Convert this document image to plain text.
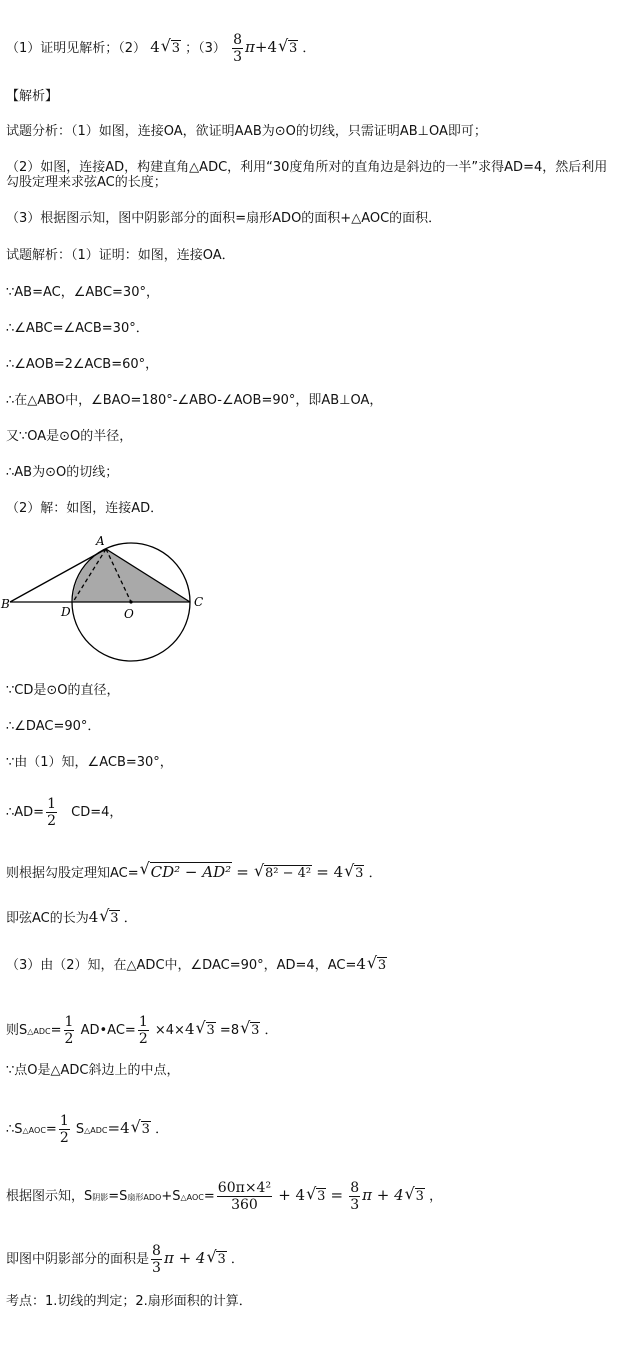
（1）证明见解析；（2） 4√ 3 ；$(3) \frac{8}{3} \pi+4√$ 3 ．
【解析】
试题分析：（1）如图，连接OA，欲证明AAB为⊙O的切线，只需证明AB⊥OA即可；
（2）如图，连接AD，构建直角△ADC，利用“30度角所对的直角边是斜边的一半”求得AD=4，然后利用
勾股定理来求弦AC的长度；
（3）根据图示知，图中阴影部分的面积=扇形ADO的面积+△AOC的面积．
试题解析：（1）证明：如图，连接OA．
∵AB=AC，∠ABC=30°，
∴∠ABC=∠ACB=30°．
∴∠AOB=2∠ACB=60°，
∴在△ABO中，∠BAO=180°-∠ABO-∠AOB=90°，即AB⊥OA，
又∵OA是⊙O的半径，
∴AB为⊙O的切线；
（2）解：如图，连接AD．
A
B	C
D	O
∵CD是⊙O的直径，
∴∠DAC=90°．
∵由（1）知，∠ACB=30°，
∴AD= $\frac{1}{2} CD=4$，
则根据勾股定理知AC=√ CD² − AD² = √ 8² − 4² = 4√ 3 ．
即弦AC的长为4√ 3 ．
（3）由（2）知，在△ADC中，∠DAC=90°，AD=4，AC=4√ 3
则S△ADC= $\frac{1}{2}$ AD•AC= $\frac{1}{2} \times 4\times 4√$ 3 =8√ 3 ．
∵点O是△ADC斜边上的中点，
∴S△AOC= $\frac{1}{2}$ S△ADC=4√ 3 ．
根据图示知，S阴影=S扇形ADO+S△AOC= $\frac{\text{60π×4²}}{360} + 4√$ $3 = \frac{8}{3}$ π + 4√ 3 ，
即图中阴影部分的面积是 $\frac{8}{3}$ π + 4√ 3 ．
考点：1.切线的判定；2.扇形面积的计算．
